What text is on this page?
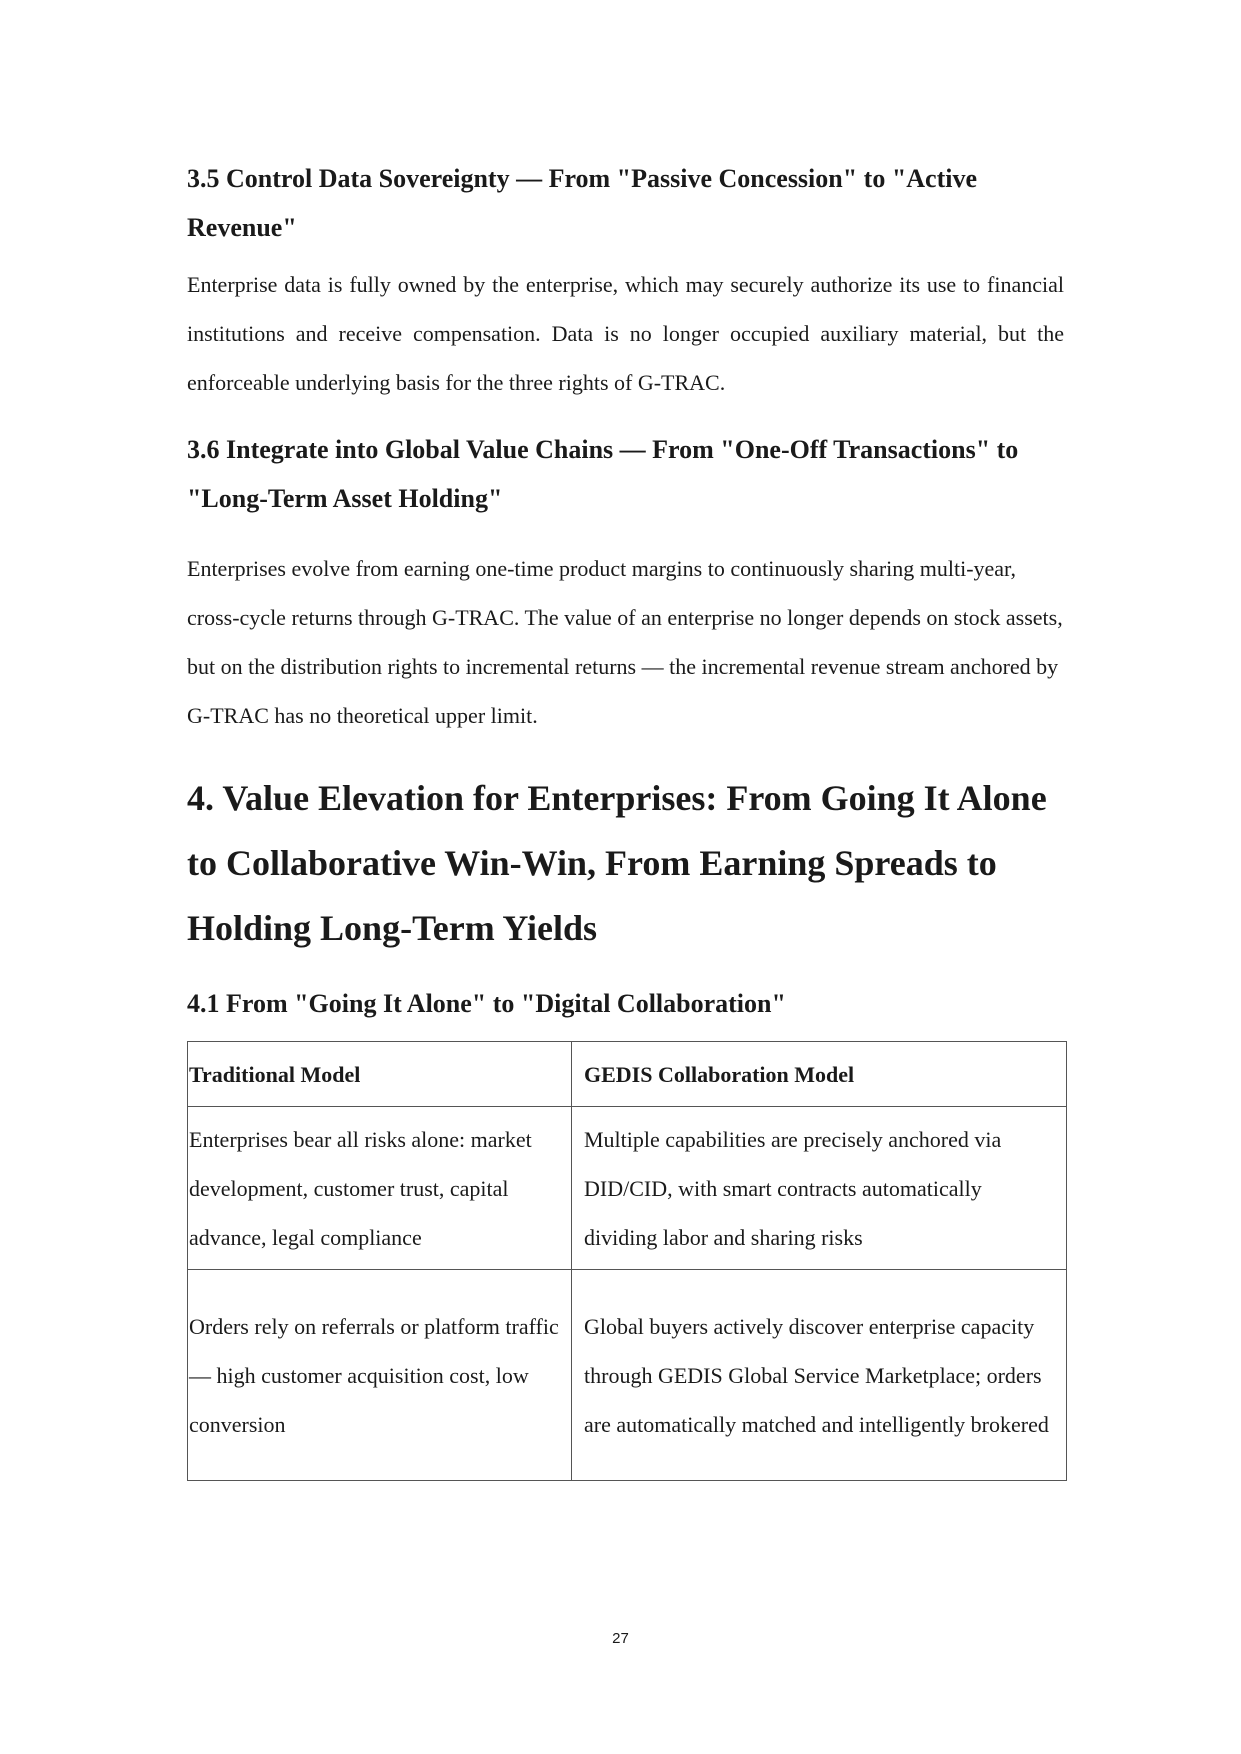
3.5 Control Data Sovereignty — From "Passive Concession" to "Active Revenue"

Enterprise data is fully owned by the enterprise, which may securely authorize its use to financial institutions and receive compensation. Data is no longer occupied auxiliary material, but the enforceable underlying basis for the three rights of G-TRAC.

3.6 Integrate into Global Value Chains — From "One-Off Transactions" to "Long-Term Asset Holding"

Enterprises evolve from earning one-time product margins to continuously sharing multi-year, cross-cycle returns through G-TRAC. The value of an enterprise no longer depends on stock assets, but on the distribution rights to incremental returns — the incremental revenue stream anchored by G-TRAC has no theoretical upper limit.

4. Value Elevation for Enterprises: From Going It Alone to Collaborative Win-Win, From Earning Spreads to Holding Long-Term Yields
4.1 From "Going It Alone" to "Digital Collaboration"
Traditional Model	GEDIS Collaboration Model
Enterprises bear all risks alone: market development, customer trust, capital advance, legal compliance	Multiple capabilities are precisely anchored via DID/CID, with smart contracts automatically dividing labor and sharing risks
Orders rely on referrals or platform traffic — high customer acquisition cost, low conversion	Global buyers actively discover enterprise capacity through GEDIS Global Service Marketplace; orders are automatically matched and intelligently brokered
27
